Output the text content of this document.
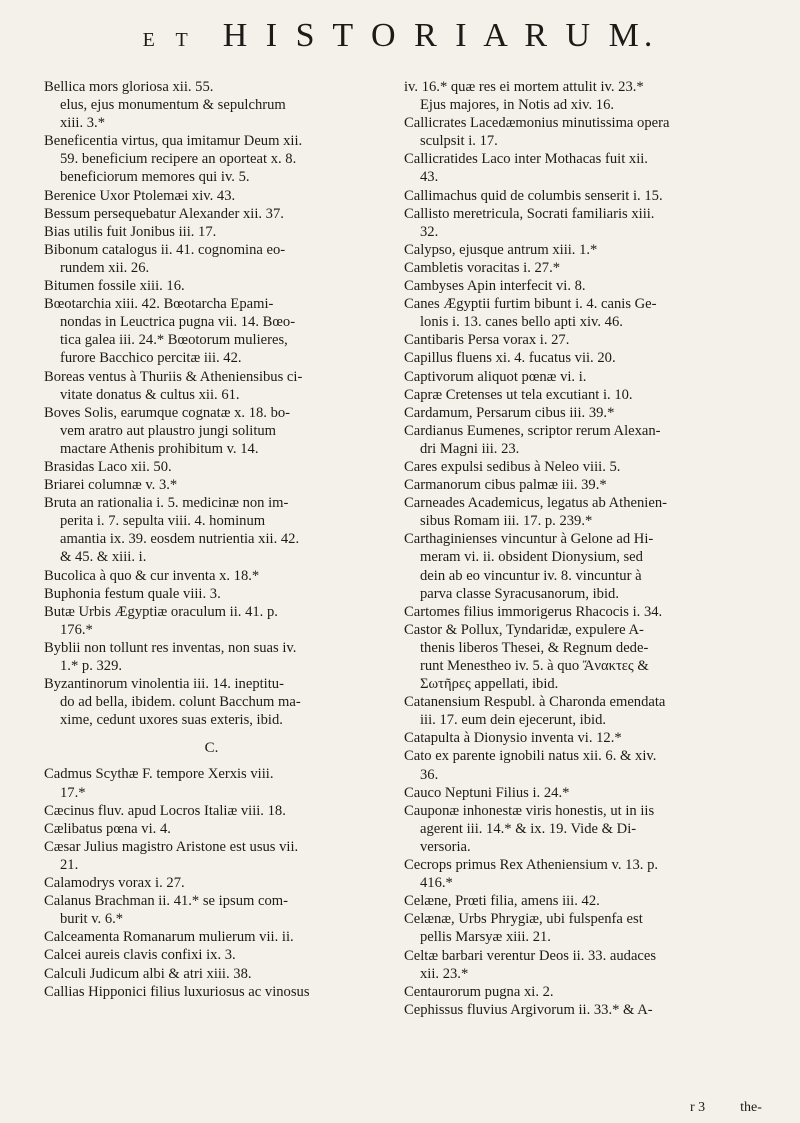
E T H I S T O R I A R U M.

Bellica mors gloriosa xii. 55.
elus, ejus monumentum & sepulchrum
xiii. 3.*

Beneficentia virtus, qua imitamur Deum xii.
59. beneficium recipere an oporteat x. 8.
beneficiorum memores qui iv. 5.

Berenice Uxor Ptolemæi xiv. 43.

Bessum persequebatur Alexander xii. 37.

Bias utilis fuit Jonibus iii. 17.

Bibonum catalogus ii. 41. cognomina eo-
rundem xii. 26.

Bitumen fossile xiii. 16.

Bœotarchia xiii. 42. Bœotarcha Epami-
nondas in Leuctrica pugna vii. 14. Bœo-
tica galea iii. 24.* Bœotorum mulieres,
furore Bacchico percitæ iii. 42.

Boreas ventus à Thuriis & Atheniensibus ci-
vitate donatus & cultus xii. 61.

Boves Solis, earumque cognatæ x. 18. bo-
vem aratro aut plaustro jungi solitum
mactare Athenis prohibitum v. 14.

Brasidas Laco xii. 50.

Briarei columnæ v. 3.*

Bruta an rationalia i. 5. medicinæ non im-
perita i. 7. sepulta viii. 4. hominum
amantia ix. 39. eosdem nutrientia xii. 42.
& 45. & xiii. i.

Bucolica à quo & cur inventa x. 18.*

Buphonia festum quale viii. 3.

Butæ Urbis Ægyptiæ oraculum ii. 41. p.
176.*

Byblii non tollunt res inventas, non suas iv.
1.* p. 329.

Byzantinorum vinolentia iii. 14. ineptitu-
do ad bella, ibidem. colunt Bacchum ma-
xime, cedunt uxores suas exteris, ibid.

C.

Cadmus Scythæ F. tempore Xerxis viii.
17.*

Cæcinus fluv. apud Locros Italiæ viii. 18.

Cælibatus pœna vi. 4.

Cæsar Julius magistro Aristone est usus vii.
21.

Calamodrys vorax i. 27.

Calanus Brachman ii. 41.* se ipsum com-
burit v. 6.*

Calceamenta Romanarum mulierum vii. ii.

Calcei aureis clavis confixi ix. 3.

Calculi Judicum albi & atri xiii. 38.

Callias Hipponici filius luxuriosus ac vinosus

iv. 16.* quæ res ei mortem attulit iv. 23.*
Ejus majores, in Notis ad xiv. 16.

Callicrates Lacedæmonius minutissima opera
sculpsit i. 17.

Callicratides Laco inter Mothacas fuit xii.
43.

Callimachus quid de columbis senserit i. 15.

Callisto meretricula, Socrati familiaris xiii.
32.

Calypso, ejusque antrum xiii. 1.*

Cambletis voracitas i. 27.*

Cambyses Apin interfecit vi. 8.

Canes Ægyptii furtim bibunt i. 4. canis Ge-
lonis i. 13. canes bello apti xiv. 46.

Cantibaris Persa vorax i. 27.

Capillus fluens xi. 4. fucatus vii. 20.

Captivorum aliquot pœnæ vi. i.

Capræ Cretenses ut tela excutiant i. 10.

Cardamum, Persarum cibus iii. 39.*

Cardianus Eumenes, scriptor rerum Alexan-
dri Magni iii. 23.

Cares expulsi sedibus à Neleo viii. 5.

Carmanorum cibus palmæ iii. 39.*

Carneades Academicus, legatus ab Athenien-
sibus Romam iii. 17. p. 239.*

Carthaginienses vincuntur à Gelone ad Hi-
meram vi. ii. obsident Dionysium, sed
dein ab eo vincuntur iv. 8. vincuntur à
parva classe Syracusanorum, ibid.

Cartomes filius immorigerus Rhacocis i. 34.

Castor & Pollux, Tyndaridæ, expulere A-
thenis liberos Thesei, & Regnum dede-
runt Menestheo iv. 5. à quo Ἄνακτες &
Σωτῆρες appellati, ibid.

Catanensium Respubl. à Charonda emendata
iii. 17. eum dein ejecerunt, ibid.

Catapulta à Dionysio inventa vi. 12.*

Cato ex parente ignobili natus xii. 6. & xiv.
36.

Cauco Neptuni Filius i. 24.*

Cauponæ inhonestæ viris honestis, ut in iis
agerent iii. 14.* & ix. 19. Vide & Di-
versoria.

Cecrops primus Rex Atheniensium v. 13. p.
416.*

Celæne, Prœti filia, amens iii. 42.

Celænæ, Urbs Phrygiæ, ubi fulspenfa est
pellis Marsyæ xiii. 21.

Celtæ barbari verentur Deos ii. 33. audaces
xii. 23.*

Centaurorum pugna xi. 2.

Cephissus fluvius Argivorum ii. 33.* & A-

r 3          the-
